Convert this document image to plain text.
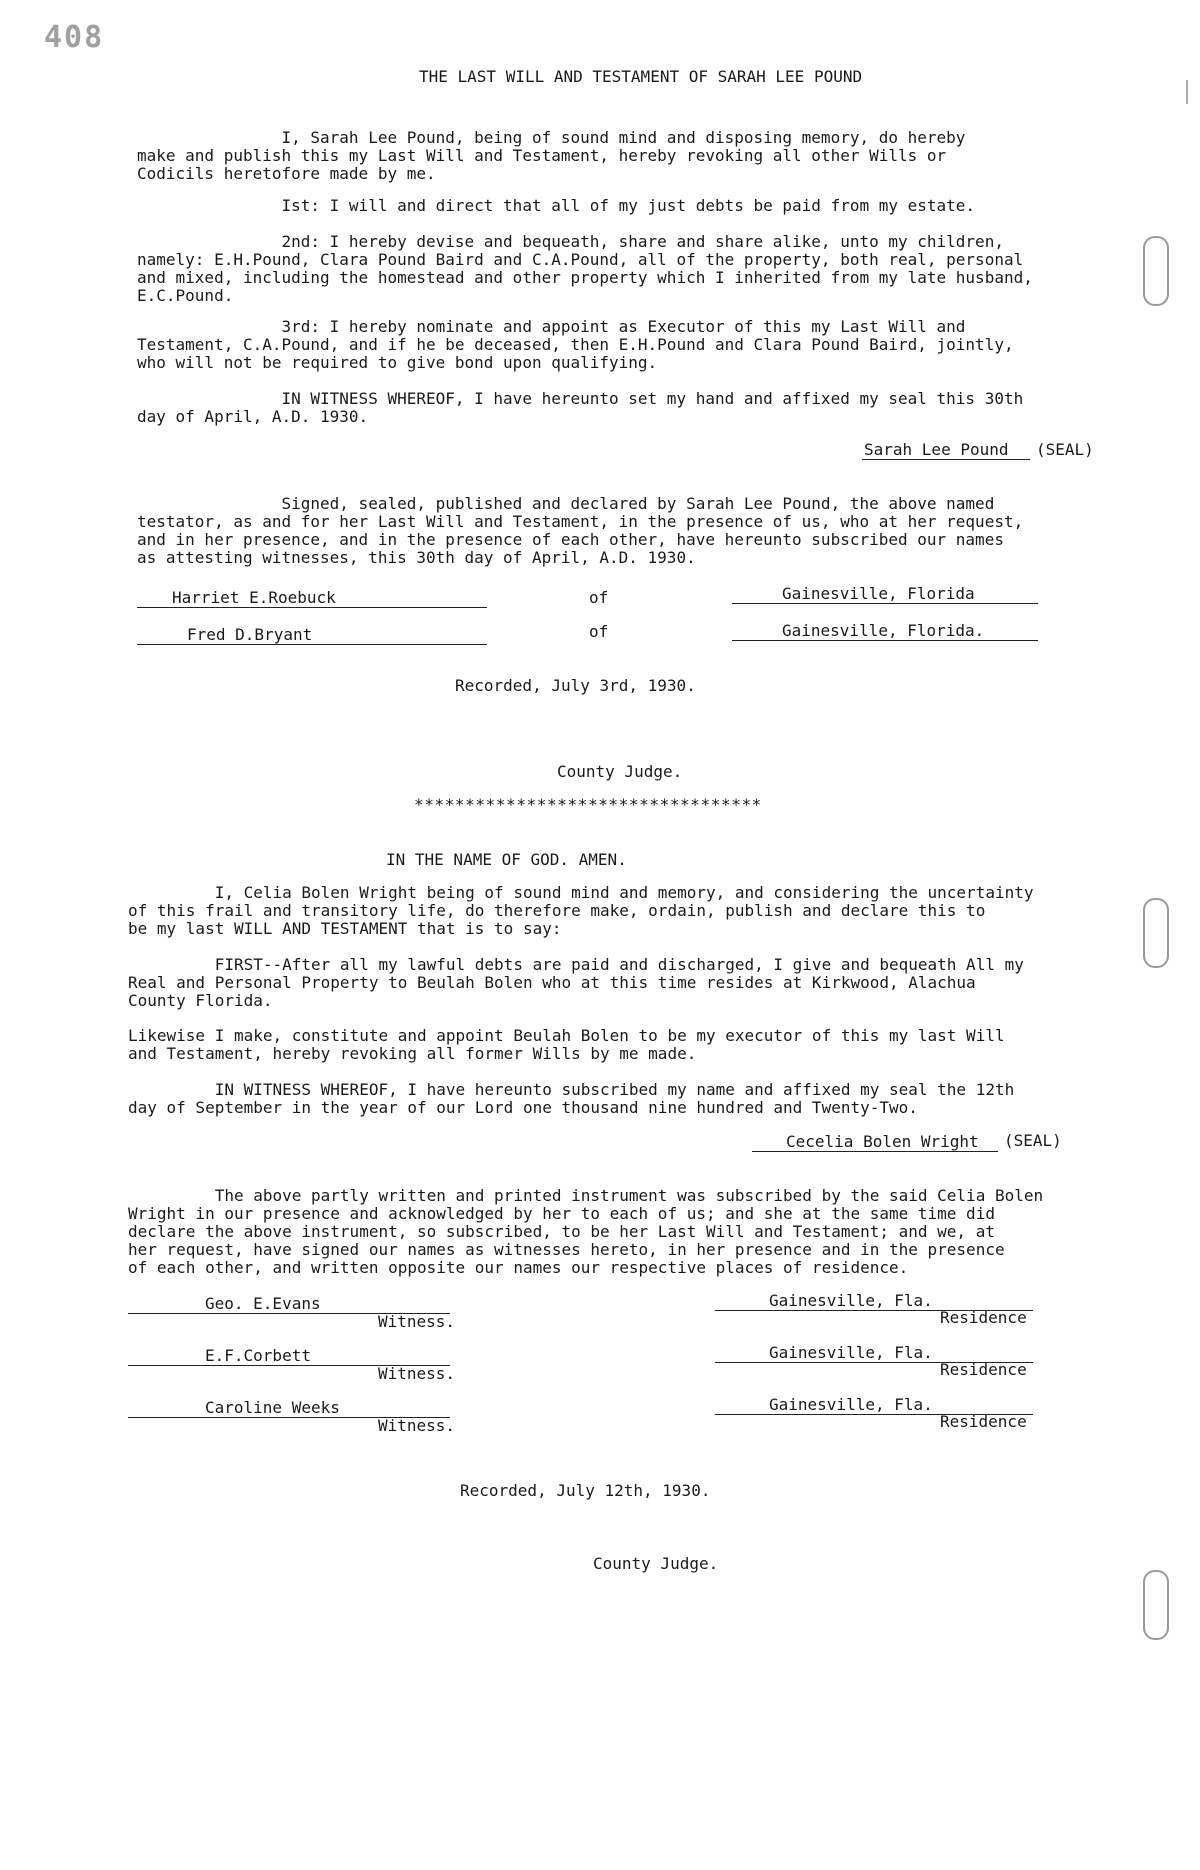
408
THE LAST WILL AND TESTAMENT OF SARAH LEE POUND
I, Sarah Lee Pound, being of sound mind and disposing memory, do hereby
make and publish this my Last Will and Testament, hereby revoking all other Wills or
Codicils heretofore made by me.
Ist: I will and direct that all of my just debts be paid from my estate.
2nd: I hereby devise and bequeath, share and share alike, unto my children,
namely: E.H.Pound, Clara Pound Baird and C.A.Pound, all of the property, both real, personal
and mixed, including the homestead and other property which I inherited from my late husband,
E.C.Pound.
3rd: I hereby nominate and appoint as Executor of this my Last Will and
Testament, C.A.Pound, and if he be deceased, then E.H.Pound and Clara Pound Baird, jointly,
who will not be required to give bond upon qualifying.
IN WITNESS WHEREOF, I have hereunto set my hand and affixed my seal this 30th
day of April, A.D. 1930.
Sarah Lee Pound (SEAL)
Signed, sealed, published and declared by Sarah Lee Pound, the above named
testator, as and for her Last Will and Testament, in the presence of us, who at her request,
and in her presence, and in the presence of each other, have hereunto subscribed our names
as attesting witnesses, this 30th day of April, A.D. 1930.
Harriet E.Roebuck	of	Gainesville, Florida
Fred D.Bryant	of	Gainesville, Florida.
Recorded, July 3rd, 1930.
County Judge.
**********************************
IN THE NAME OF GOD. AMEN.
I, Celia Bolen Wright being of sound mind and memory, and considering the uncertainty
of this frail and transitory life, do therefore make, ordain, publish and declare this to
be my last WILL AND TESTAMENT that is to say:
FIRST--After all my lawful debts are paid and discharged, I give and bequeath All my
Real and Personal Property to Beulah Bolen who at this time resides at Kirkwood, Alachua
County Florida.
Likewise I make, constitute and appoint Beulah Bolen to be my executor of this my last Will
and Testament, hereby revoking all former Wills by me made.
IN WITNESS WHEREOF, I have hereunto subscribed my name and affixed my seal the 12th
day of September in the year of our Lord one thousand nine hundred and Twenty-Two.
Cecelia Bolen Wright (SEAL)
The above partly written and printed instrument was subscribed by the said Celia Bolen
Wright in our presence and acknowledged by her to each of us; and she at the same time did
declare the above instrument, so subscribed, to be her Last Will and Testament; and we, at
her request, have signed our names as witnesses hereto, in her presence and in the presence
of each other, and written opposite our names our respective places of residence.
Geo. E.Evans
Witness.
Gainesville, Fla.
Residence
E.F.Corbett
Witness.
Gainesville, Fla.
Residence
Caroline Weeks
Witness.
Gainesville, Fla.
Residence
Recorded, July 12th, 1930.
County Judge.
